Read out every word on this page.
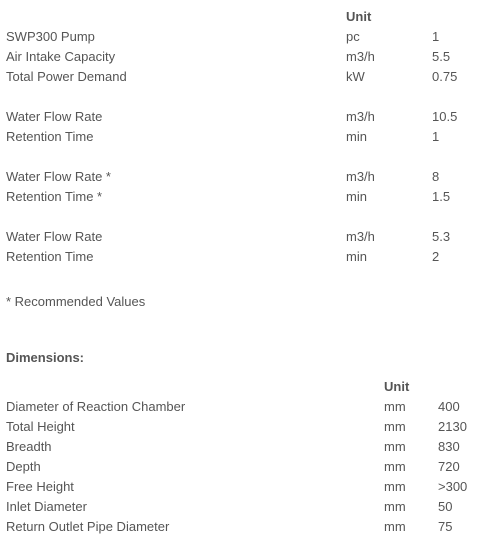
Unit
SWP300 Pump	pc	1
Air Intake Capacity	m3/h	5.5
Total Power Demand	kW	0.75
Water Flow Rate	m3/h	10.5
Retention Time	min	1
Water Flow Rate *	m3/h	8
Retention Time *	min	1.5
Water Flow Rate	m3/h	5.3
Retention Time	min	2
* Recommended Values
Dimensions:
Unit
Diameter of Reaction Chamber	mm	400
Total Height	mm	2130
Breadth	mm	830
Depth	mm	720
Free Height	mm	>300
Inlet Diameter	mm	50
Return Outlet Pipe Diameter	mm	75
